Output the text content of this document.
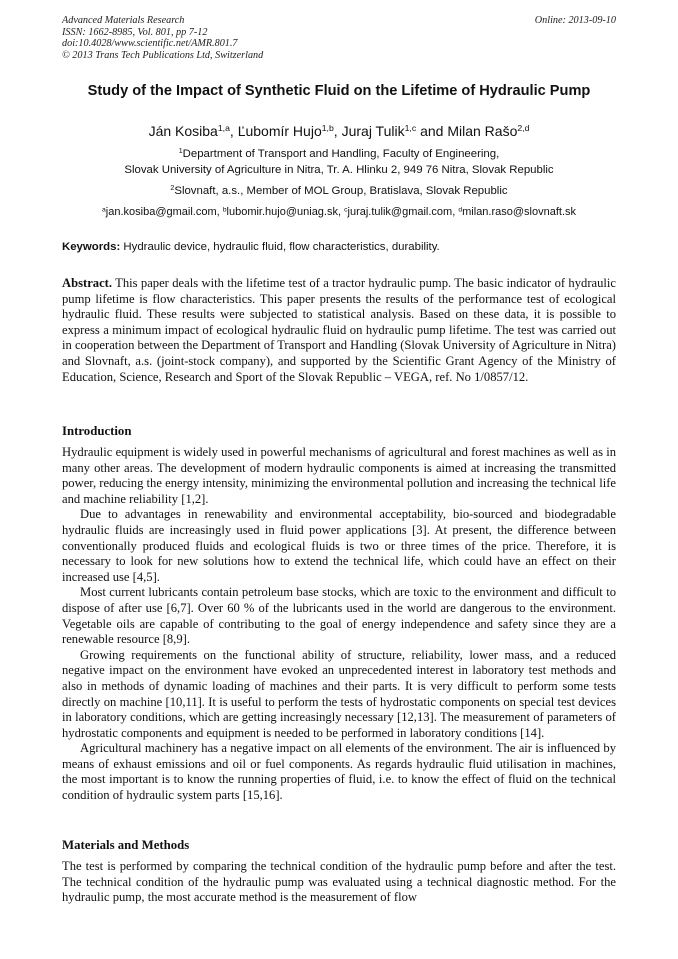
Advanced Materials Research
ISSN: 1662-8985, Vol. 801, pp 7-12
doi:10.4028/www.scientific.net/AMR.801.7
© 2013 Trans Tech Publications Ltd, Switzerland
Online: 2013-09-10
Study of the Impact of Synthetic Fluid on the Lifetime of Hydraulic Pump
Ján Kosiba$^{1,a}$, Ľubomír Hujo$^{1,b}$, Juraj Tulik$^{1,c}$ and Milan Rašo$^{2,d}$
$^1$Department of Transport and Handling, Faculty of Engineering,
Slovak University of Agriculture in Nitra, Tr. A. Hlinku 2, 949 76 Nitra, Slovak Republic
$^2$Slovnaft, a.s., Member of MOL Group, Bratislava, Slovak Republic
$^a$jan.kosiba@gmail.com, $^b$lubomir.hujo@uniag.sk, $^c$juraj.tulik@gmail.com, $^d$milan.raso@slovnaft.sk
Keywords: Hydraulic device, hydraulic fluid, flow characteristics, durability.

Abstract. This paper deals with the lifetime test of a tractor hydraulic pump. The basic indicator of hydraulic pump lifetime is flow characteristics. This paper presents the results of the performance test of ecological hydraulic fluid. These results were subjected to statistical analysis. Based on these data, it is possible to express a minimum impact of ecological hydraulic fluid on hydraulic pump lifetime. The test was carried out in cooperation between the Department of Transport and Handling (Slovak University of Agriculture in Nitra) and Slovnaft, a.s. (joint-stock company), and supported by the Scientific Grant Agency of the Ministry of Education, Science, Research and Sport of the Slovak Republic – VEGA, ref. No 1/0857/12.

Introduction

Hydraulic equipment is widely used in powerful mechanisms of agricultural and forest machines as well as in many other areas. The development of modern hydraulic components is aimed at increasing the transmitted power, reducing the energy intensity, minimizing the environmental pollution and increasing the technical life and machine reliability [1,2].

Due to advantages in renewability and environmental acceptability, bio-sourced and biodegradable hydraulic fluids are increasingly used in fluid power applications [3]. At present, the difference between conventionally produced fluids and ecological fluids is two or three times of the price. Therefore, it is necessary to look for new solutions how to extend the technical life, which could have an effect on their increased use [4,5].

Most current lubricants contain petroleum base stocks, which are toxic to the environment and difficult to dispose of after use [6,7]. Over 60 % of the lubricants used in the world are dangerous to the environment. Vegetable oils are capable of contributing to the goal of energy independence and safety since they are a renewable resource [8,9].

Growing requirements on the functional ability of structure, reliability, lower mass, and a reduced negative impact on the environment have evoked an unprecedented interest in laboratory test methods and also in methods of dynamic loading of machines and their parts. It is very difficult to perform some tests directly on machine [10,11]. It is useful to perform the tests of hydrostatic components on special test devices in laboratory conditions, which are getting increasingly necessary [12,13]. The measurement of parameters of hydrostatic components and equipment is needed to be performed in laboratory conditions [14].

Agricultural machinery has a negative impact on all elements of the environment. The air is influenced by means of exhaust emissions and oil or fuel components. As regards hydraulic fluid utilisation in machines, the most important is to know the running properties of fluid, i.e. to know the effect of fluid on the technical condition of hydraulic system parts [15,16].

Materials and Methods

The test is performed by comparing the technical condition of the hydraulic pump before and after the test. The technical condition of the hydraulic pump was evaluated using a technical diagnostic method. For the hydraulic pump, the most accurate method is the measurement of flow
